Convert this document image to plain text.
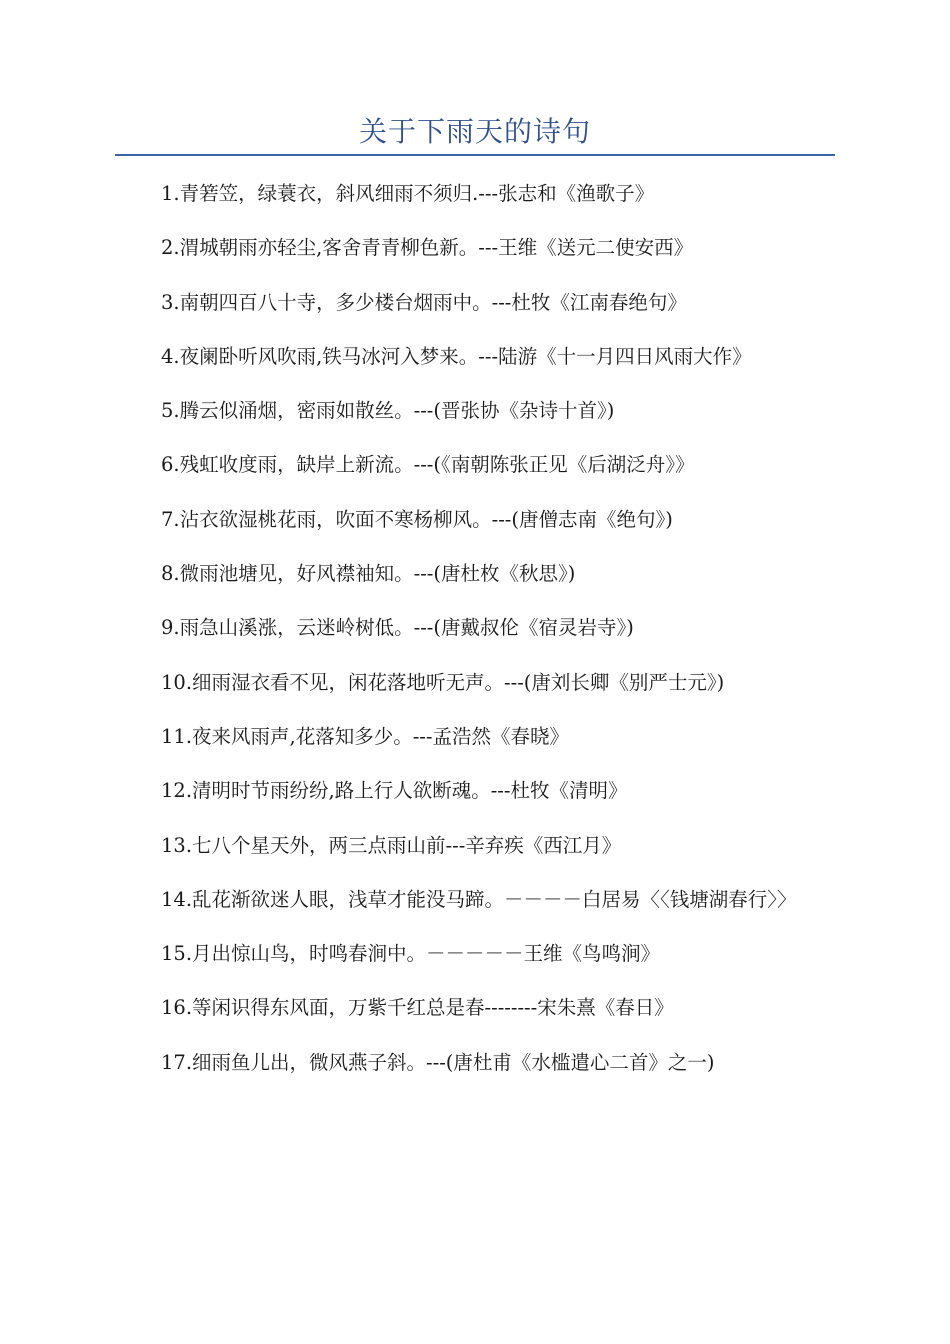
关于下雨天的诗句
1.青箬笠，绿蓑衣，斜风细雨不须归.---张志和《渔歌子》
2.渭城朝雨亦轻尘,客舍青青柳色新。---王维《送元二使安西》
3.南朝四百八十寺，多少楼台烟雨中。---杜牧《江南春绝句》
4.夜阑卧听风吹雨,铁马冰河入梦来。---陆游《十一月四日风雨大作》
5.腾云似涌烟，密雨如散丝。---(晋张协《杂诗十首》)
6.残虹收度雨，缺岸上新流。---(《南朝陈张正见《后湖泛舟》》
7.沾衣欲湿桃花雨，吹面不寒杨柳风。---(唐僧志南《绝句》)
8.微雨池塘见，好风襟袖知。---(唐杜枚《秋思》)
9.雨急山溪涨，云迷岭树低。---(唐戴叔伦《宿灵岩寺》)
10.细雨湿衣看不见，闲花落地听无声。---(唐刘长卿《别严士元》)
11.夜来风雨声,花落知多少。---孟浩然《春晓》
12.清明时节雨纷纷,路上行人欲断魂。---杜牧《清明》
13.七八个星天外，两三点雨山前---辛弃疾《西江月》
14.乱花渐欲迷人眼，浅草才能没马蹄。－－－－白居易〈〈钱塘湖春行〉〉
15.月出惊山鸟，时鸣春涧中。－－－－－王维《鸟鸣涧》
16.等闲识得东风面，万紫千红总是春--------宋朱熹《春日》
17.细雨鱼儿出，微风燕子斜。---(唐杜甫《水槛遣心二首》之一)
